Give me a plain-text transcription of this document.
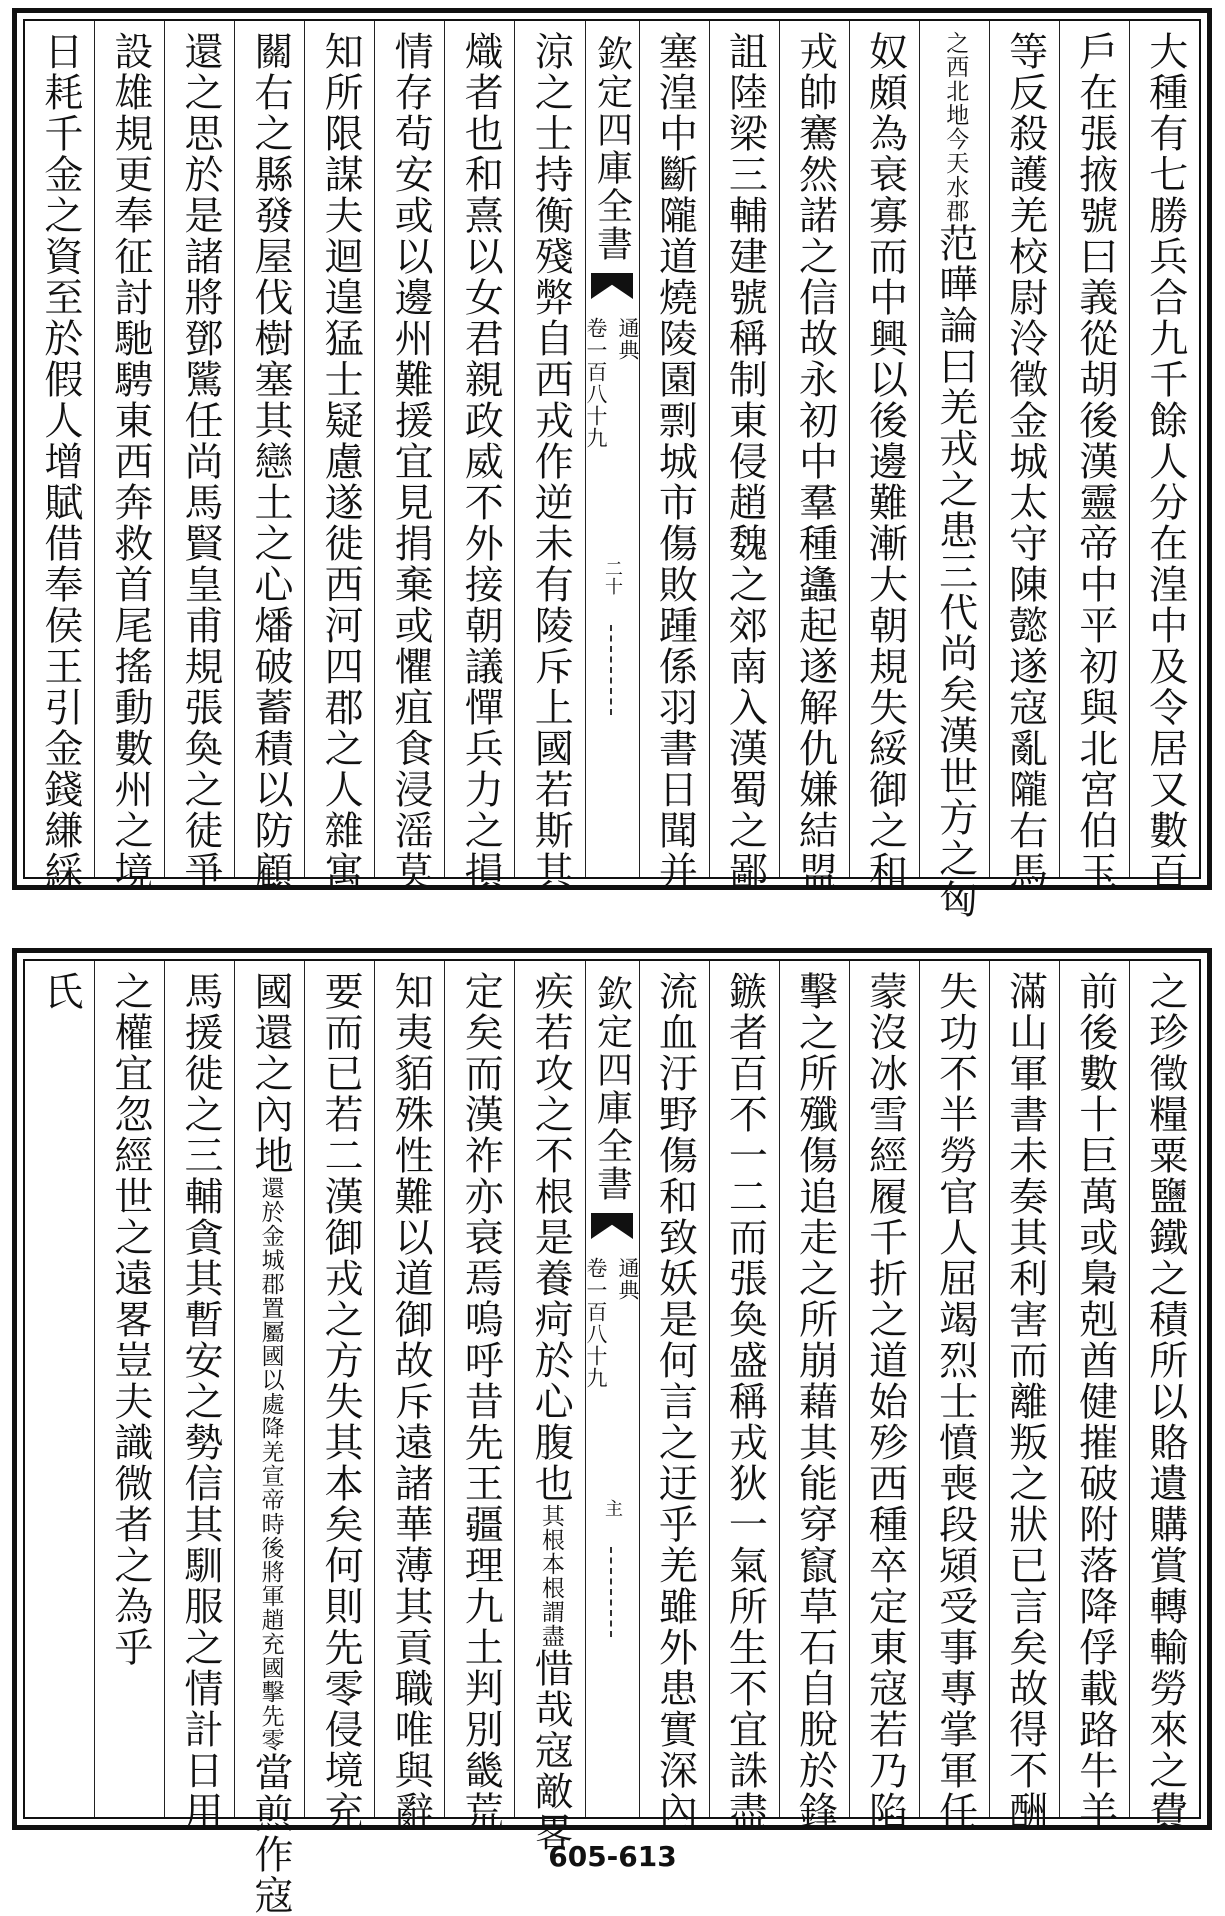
大種有七勝兵合九千餘人分在湟中及令居又數百
戶在張掖號曰義從胡後漢靈帝中平初與北宮伯玉
等反殺護羌校尉泠徵金城太守陳懿遂寇亂隴右馬
今天水郡
之西北地
范曄論曰羌戎之患三代尚矣漢世方之匈
奴頗為衰寡而中興以後邊難漸大朝規失綏御之和
戎帥騫然諾之信故永初中羣種蠭起遂解仇嫌結盟
詛陸梁三輔建號稱制東侵趙魏之郊南入漢蜀之鄙
塞湟中斷隴道燒陵園剽城市傷敗踵係羽書日聞并
欽定四庫全書
通典
卷一百八十九
二十
涼之士持衡殘弊自西戎作逆未有陵斥上國若斯其
熾者也和熹以女君親政威不外接朝議憚兵力之損
情存茍安或以邊州難援宜見捐棄或懼疽食浸滛莫
知所限謀夫迴遑猛士疑慮遂徙西河四郡之人雜寓
關右之縣發屋伐樹塞其戀土之心燔破蓄積以防顧
還之思於是諸將鄧騭任尚馬賢皇甫規張奐之徒爭
設雄規更奉征討馳騁東西奔救首尾搖動數州之境
日耗千金之資至於假人增賦借奉侯王引金錢縑綵
之珍徵糧粟鹽鐵之積所以賂遺購賞轉輸勞來之費
前後數十巨萬或梟剋酋健摧破附落降俘載路牛羊
滿山軍書未奏其利害而離叛之狀已言矣故得不酬
失功不半勞官人屈竭烈士憤喪段熲受事專掌軍任
蒙沒冰雪經履千折之道始殄西種卒定東寇若乃陷
擊之所殲傷追走之所崩藉其能穿竄草石自脫於鋒
鏃者百不一二而張奐盛稱戎狄一氣所生不宜誅盡
流血汙野傷和致妖是何言之迂乎羌雖外患實深內
欽定四庫全書
通典
卷一百八十九
主
疾若攻之不根是養疴於心腹也
根謂盡
其根本
惜哉寇敵畧
定矣而漢祚亦衰焉嗚呼昔先王疆理九土判別畿荒
知夷貊殊性難以道御故斥遠諸華薄其貢職唯與辭
要而已若二漢御戎之方失其本矣何則先零侵境充
國還之內地
宣帝時後將軍趙充國擊先零
還於金城郡置屬國以處降羌
當煎作寇
馬援徙之三輔貪其暫安之勢信其馴服之情計日用
之權宜忽經世之遠畧豈夫識微者之為乎
氏
605-613
